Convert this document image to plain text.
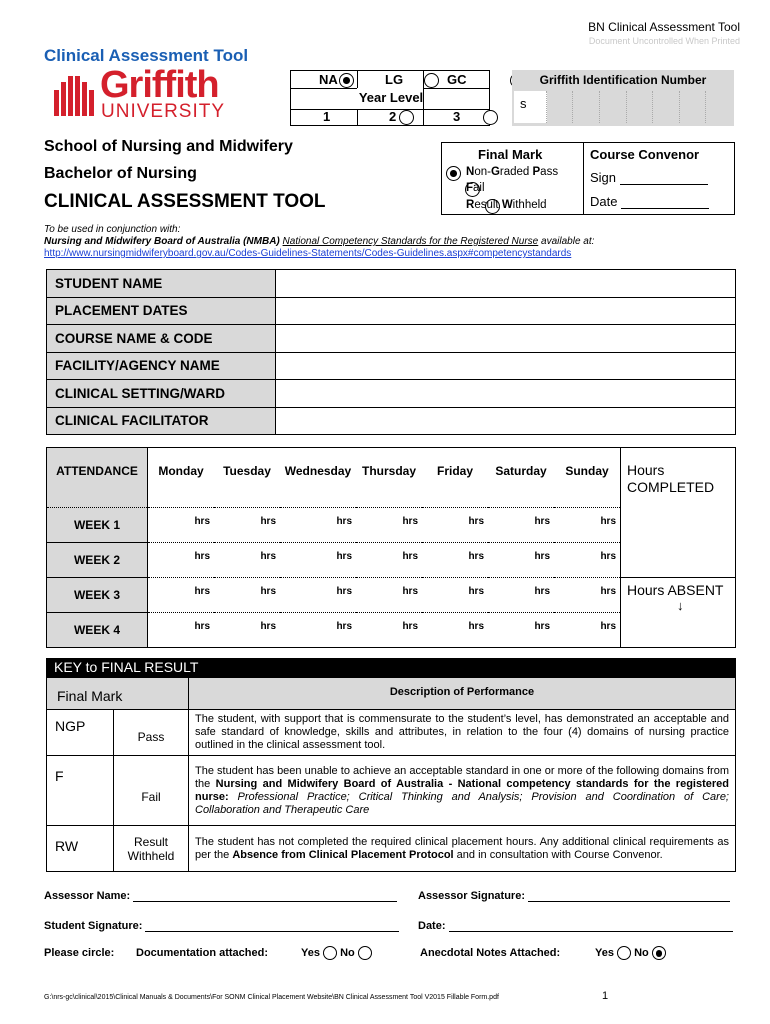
BN Clinical Assessment Tool
Document Uncontrolled When Printed
Clinical Assessment Tool
Griffith
UNIVERSITY
NA
	LG
	GC

Year Level
1
	2
	3
Griffith Identification Number
s
School of Nursing and Midwifery
Bachelor of Nursing
CLINICAL ASSESSMENT TOOL
Final Mark

Non-Graded Pass

Fail
Result Withheld
Course Convenor
Sign
Date
To be used in conjunction with:
Nursing and Midwifery Board of Australia (NMBA) National Competency Standards for the Registered Nurse available at:
http://www.nursingmidwiferyboard.gov.au/Codes-Guidelines-Statements/Codes-Guidelines.aspx#competencystandards
STUDENT NAME	
PLACEMENT DATES	
COURSE NAME & CODE	
FACILITY/AGENCY NAME	
CLINICAL SETTING/WARD	
CLINICAL FACILITATOR	
ATTENDANCE	Monday	Tuesday	Wednesday	Thursday	Friday	Saturday	Sunday	Hours
COMPLETED

WEEK 1	hrs	hrs	hrs	hrs	hrs	hrs	hrs	
WEEK 2	hrs	hrs	hrs	hrs	hrs	hrs	hrs	
WEEK 3	hrs	hrs	hrs	hrs	hrs	hrs	hrs	Hours ABSENT
↓

WEEK 4	hrs	hrs	hrs	hrs	hrs	hrs	hrs	
KEY to FINAL RESULT
Final Mark		Description of Performance
NGP	Pass	The student, with support that is commensurate to the student’s level, has demonstrated an acceptable and safe standard of knowledge, skills and attributes, in relation to the four (4) domains of nursing practice outlined in the clinical assessment tool.
F	Fail	The student has been unable to achieve an acceptable standard in one or more of the following domains from the Nursing and Midwifery Board of Australia - National competency standards for the registered nurse: Professional Practice; Critical Thinking and Analysis; Provision and Coordination of Care; Collaboration and Therapeutic Care
RW	Result Withheld	The student has not completed the required clinical placement hours. Any additional clinical requirements as per the Absence from Clinical Placement Protocol and in consultation with Course Convenor.
Assessor Name:	Assessor Signature:
Student Signature:	Date:
Please circle: Documentation attached:	Yes No	Anecdotal Notes Attached:	Yes No
G:\nrs-gc\clinical\2015\Clinical Manuals & Documents\For SONM Clinical Placement Website\BN Clinical Assessment Tool V2015 Fillable Form.pdf	1
